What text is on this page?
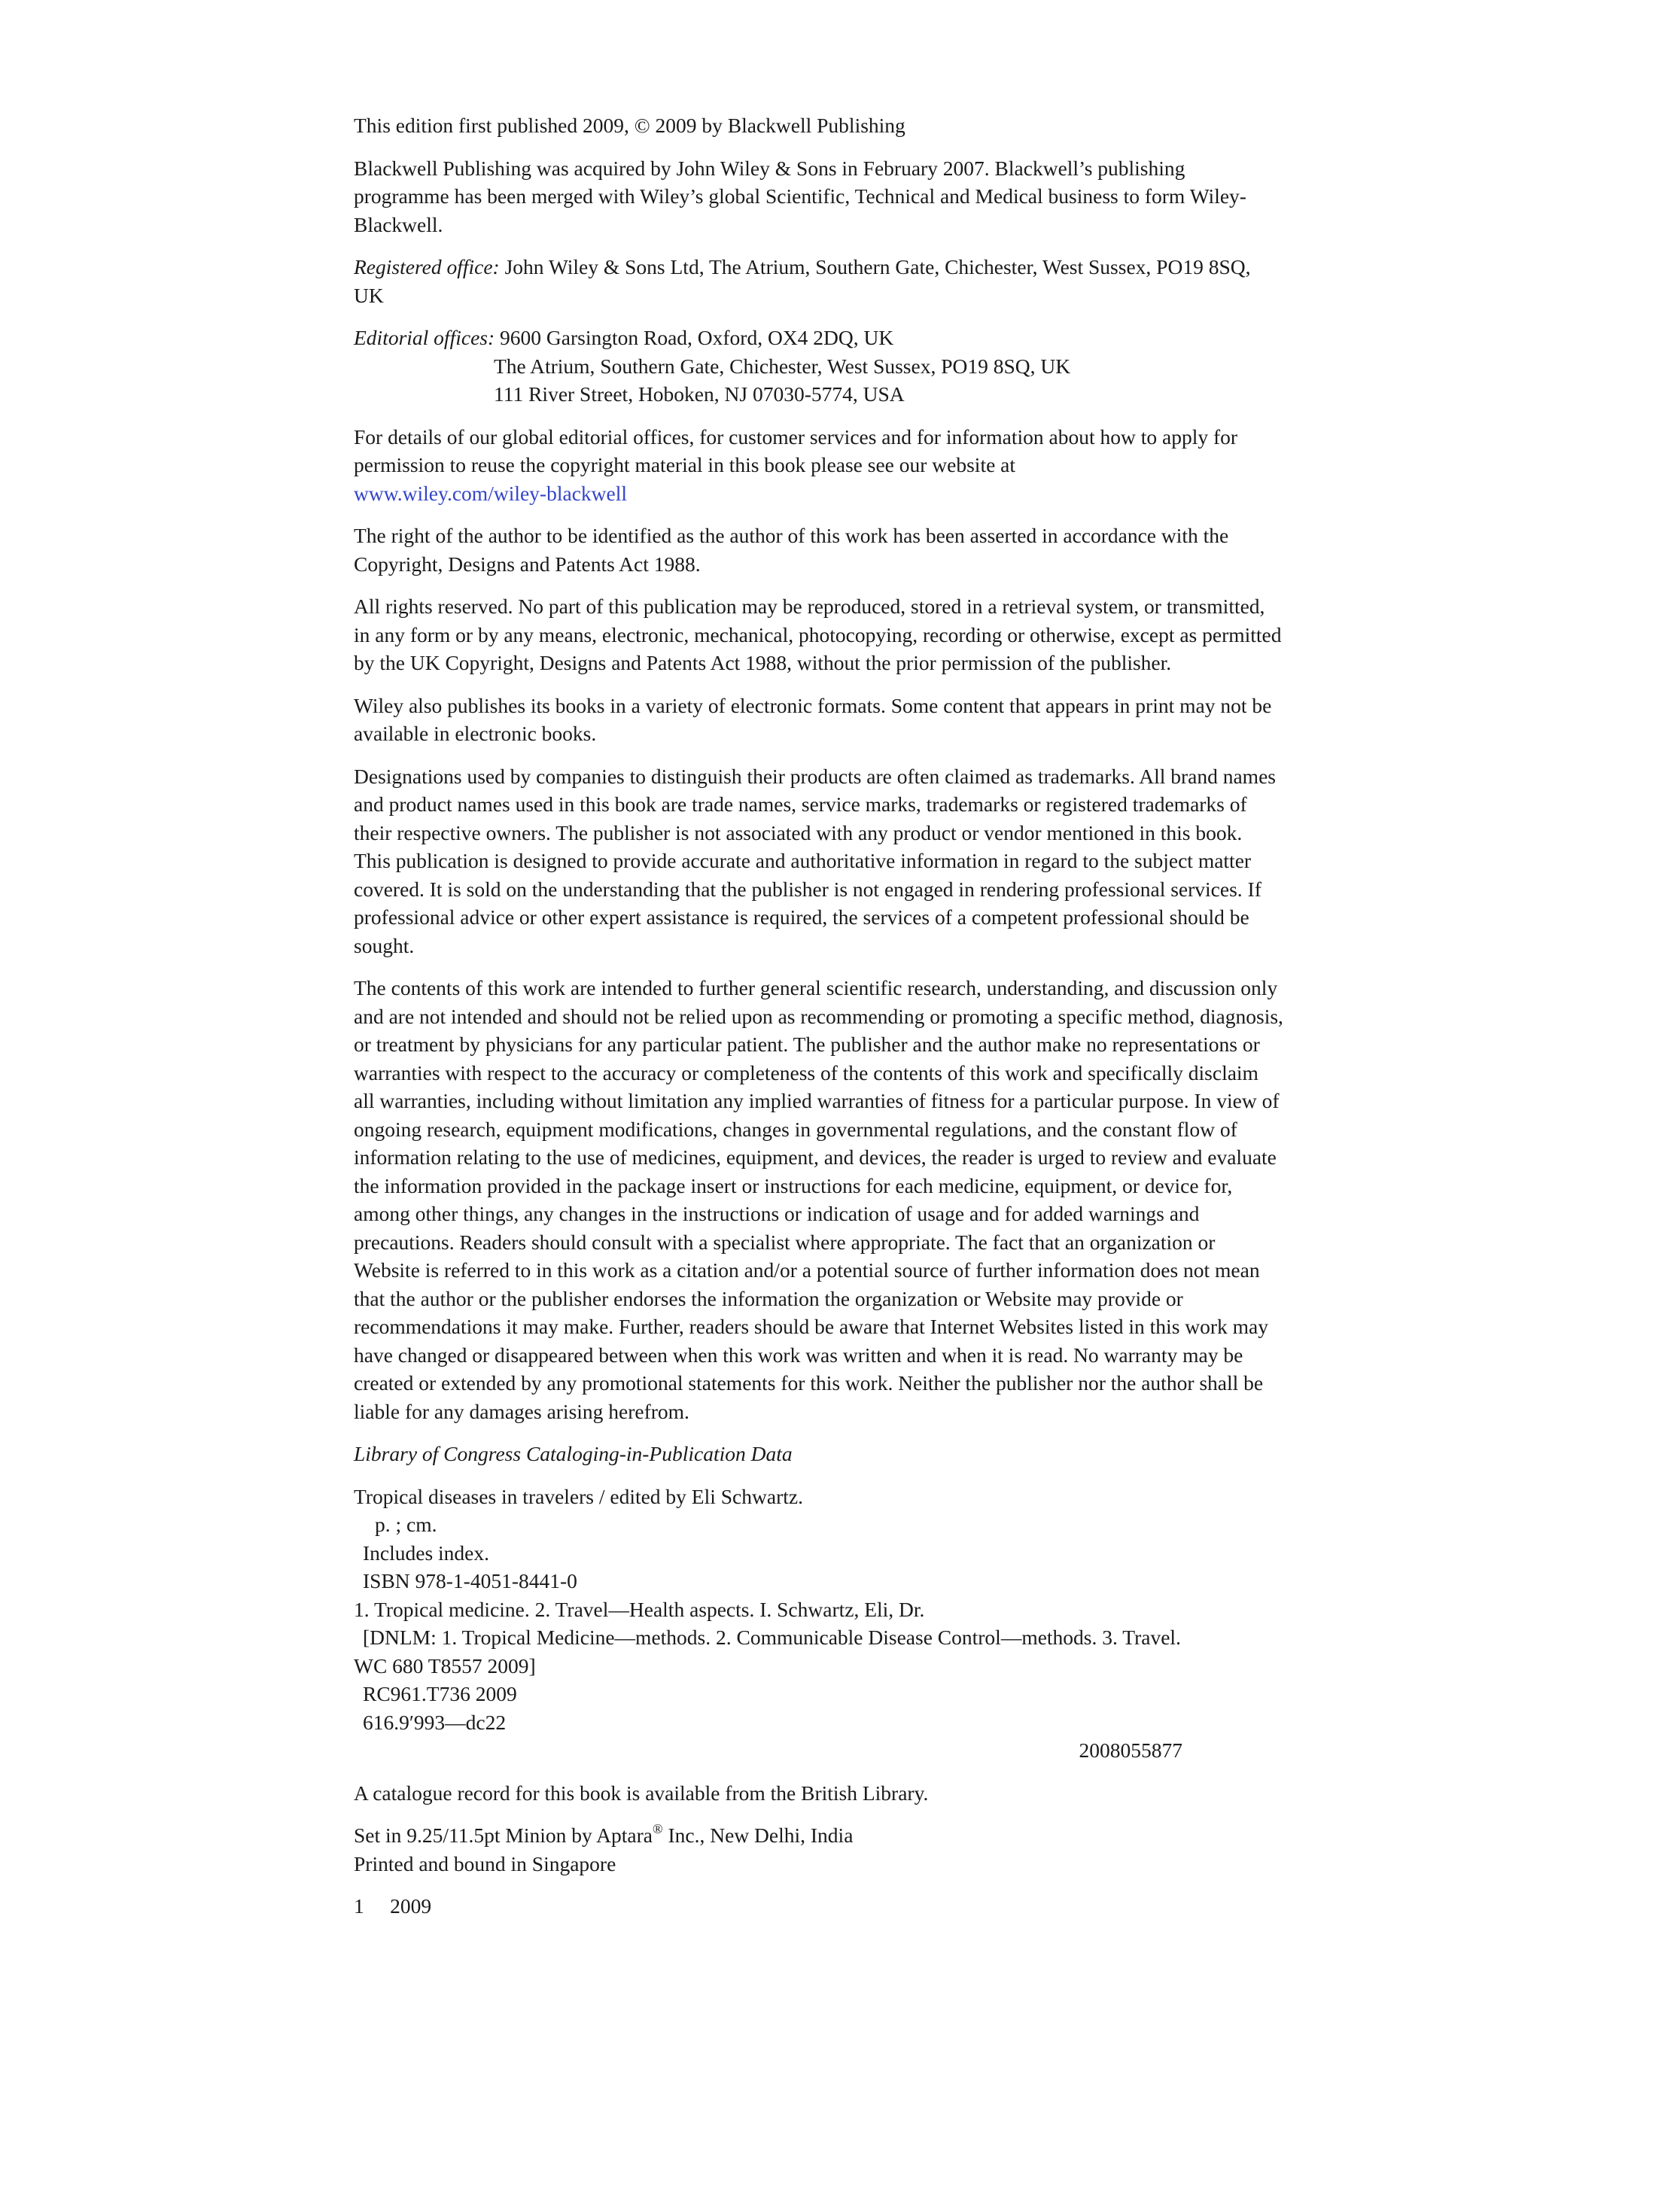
This edition first published 2009, © 2009 by Blackwell Publishing

Blackwell Publishing was acquired by John Wiley & Sons in February 2007. Blackwell’s publishing programme has been merged with Wiley’s global Scientific, Technical and Medical business to form Wiley-Blackwell.

Registered office: John Wiley & Sons Ltd, The Atrium, Southern Gate, Chichester, West Sussex, PO19 8SQ, UK

Editorial offices: 9600 Garsington Road, Oxford, OX4 2DQ, UK
The Atrium, Southern Gate, Chichester, West Sussex, PO19 8SQ, UK
111 River Street, Hoboken, NJ 07030-5774, USA

For details of our global editorial offices, for customer services and for information about how to apply for permission to reuse the copyright material in this book please see our website at
www.wiley.com/wiley-blackwell

The right of the author to be identified as the author of this work has been asserted in accordance with the Copyright, Designs and Patents Act 1988.

All rights reserved. No part of this publication may be reproduced, stored in a retrieval system, or transmitted, in any form or by any means, electronic, mechanical, photocopying, recording or otherwise, except as permitted by the UK Copyright, Designs and Patents Act 1988, without the prior permission of the publisher.

Wiley also publishes its books in a variety of electronic formats. Some content that appears in print may not be available in electronic books.

Designations used by companies to distinguish their products are often claimed as trademarks. All brand names and product names used in this book are trade names, service marks, trademarks or registered trademarks of their respective owners. The publisher is not associated with any product or vendor mentioned in this book. This publication is designed to provide accurate and authoritative information in regard to the subject matter covered. It is sold on the understanding that the publisher is not engaged in rendering professional services. If professional advice or other expert assistance is required, the services of a competent professional should be sought.

The contents of this work are intended to further general scientific research, understanding, and discussion only and are not intended and should not be relied upon as recommending or promoting a specific method, diagnosis, or treatment by physicians for any particular patient. The publisher and the author make no representations or warranties with respect to the accuracy or completeness of the contents of this work and specifically disclaim all warranties, including without limitation any implied warranties of fitness for a particular purpose. In view of ongoing research, equipment modifications, changes in governmental regulations, and the constant flow of information relating to the use of medicines, equipment, and devices, the reader is urged to review and evaluate the information provided in the package insert or instructions for each medicine, equipment, or device for, among other things, any changes in the instructions or indication of usage and for added warnings and precautions. Readers should consult with a specialist where appropriate. The fact that an organization or Website is referred to in this work as a citation and/or a potential source of further information does not mean that the author or the publisher endorses the information the organization or Website may provide or recommendations it may make. Further, readers should be aware that Internet Websites listed in this work may have changed or disappeared between when this work was written and when it is read. No warranty may be created or extended by any promotional statements for this work. Neither the publisher nor the author shall be liable for any damages arising herefrom.

Library of Congress Cataloging-in-Publication Data

Tropical diseases in travelers / edited by Eli Schwartz.
p. ; cm.
Includes index.
ISBN 978-1-4051-8441-0
1. Tropical medicine. 2. Travel—Health aspects. I. Schwartz, Eli, Dr.
[DNLM: 1. Tropical Medicine—methods. 2. Communicable Disease Control—methods. 3. Travel.
WC 680 T8557 2009]
RC961.T736 2009
616.9′993—dc22
2008055877

A catalogue record for this book is available from the British Library.

Set in 9.25/11.5pt Minion by Aptara® Inc., New Delhi, India
Printed and bound in Singapore

1     2009
